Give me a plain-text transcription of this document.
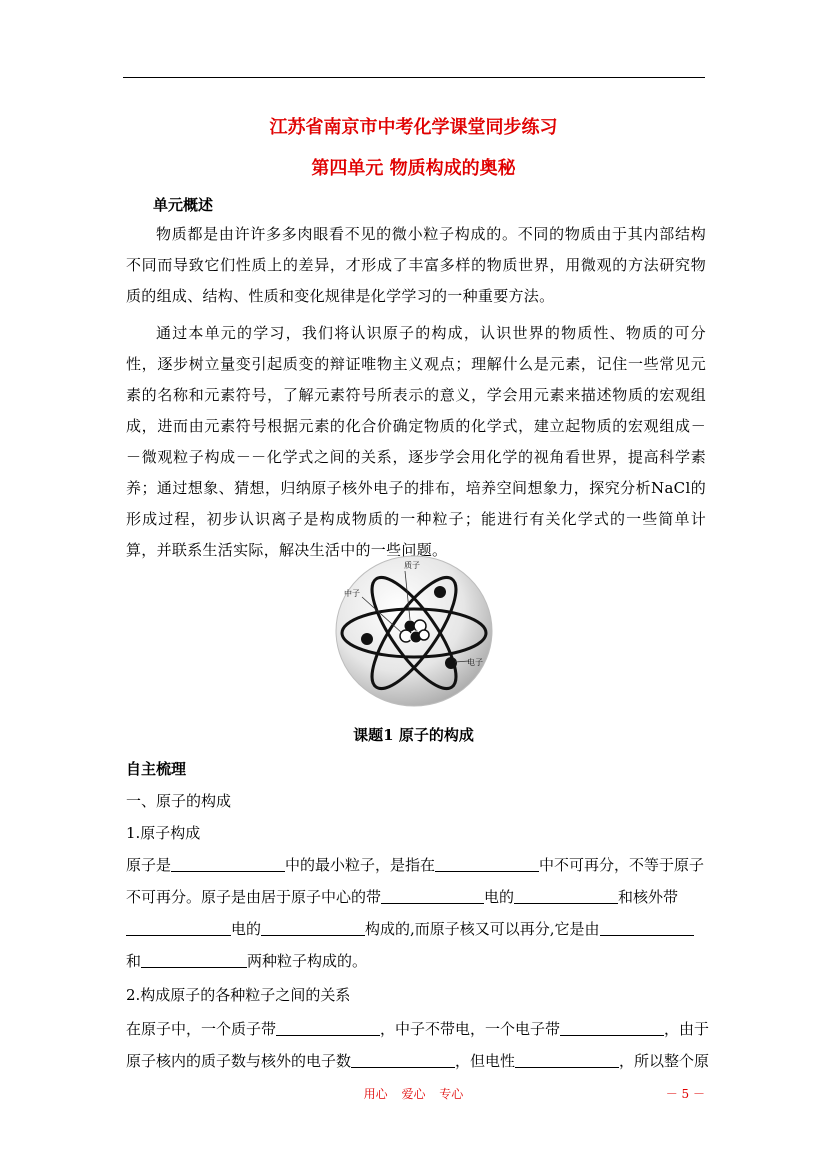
江苏省南京市中考化学课堂同步练习
第四单元 物质构成的奥秘
单元概述
物质都是由许许多多肉眼看不见的微小粒子构成的。不同的物质由于其内部结构不同而导致它们性质上的差异，才形成了丰富多样的物质世界，用微观的方法研究物质的组成、结构、性质和变化规律是化学学习的一种重要方法。
通过本单元的学习，我们将认识原子的构成，认识世界的物质性、物质的可分性，逐步树立量变引起质变的辩证唯物主义观点；理解什么是元素，记住一些常见元素的名称和元素符号，了解元素符号所表示的意义，学会用元素来描述物质的宏观组成，进而由元素符号根据元素的化合价确定物质的化学式，建立起物质的宏观组成－－微观粒子构成－－化学式之间的关系，逐步学会用化学的视角看世界，提高科学素养；通过想象、猜想，归纳原子核外电子的排布，培养空间想象力，探究分析NaCl的形成过程，初步认识离子是构成物质的一种粒子；能进行有关化学式的一些简单计算，并联系生活实际，解决生活中的一些问题。
质子
中子
电子
课题1 原子的构成
自主梳理
一、原子的构成
1.原子构成
原子是	中的最小粒子，是指在	中不可再分，不等于原子
不可再分。原子是由居于原子中心的带	电的	和核外带
电的	构成的,而原子核又可以再分,它是由
和	两种粒子构成的。
2.构成原子的各种粒子之间的关系
在原子中，一个质子带	，中子不带电，一个电子带	，由于
原子核内的质子数与核外的电子数	，但电性	，所以整个原
用心 爱心 专心	－ 5 －
